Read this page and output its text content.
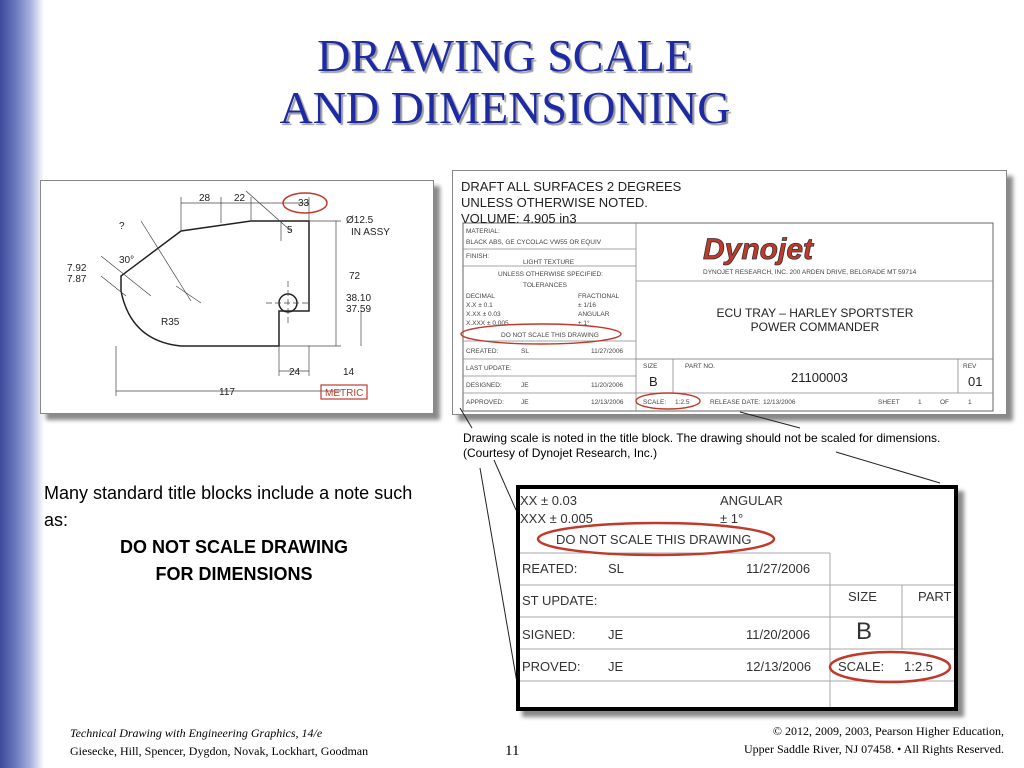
DRAWING SCALE
AND DIMENSIONING
28 22	33
5
Ø12.5
IN ASSY
?
30°
7.92
7.87	72
38.10
37.59
R35
24	14
117	METRIC
DRAFT ALL SURFACES 2 DEGREES
UNLESS OTHERWISE NOTED.
VOLUME: 4.905 in3
MATERIAL:
BLACK ABS, GE CYCOLAC VW55 OR EQUIV
FINISH:
LIGHT TEXTURE
UNLESS OTHERWISE SPECIFIED:
TOLERANCES
DECIMAL	FRACTIONAL
X.X ± 0.1	± 1/16
X.XX ± 0.03	ANGULAR
X.XXX ± 0.005	± 1°
DO NOT SCALE THIS DRAWING
CREATED:	SL	11/27/2006
LAST UPDATE:
DESIGNED:	JE	11/20/2006
APPROVED:	JE	12/13/2006	SCALE: 1:2.5	RELEASE DATE: 12/13/2006	SHEET	1	OF	1
SIZE	PART NO.	REV
DYNOJET RESEARCH, INC. 200 ARDEN DRIVE, BELGRADE MT 59714
Dynojet
ECU TRAY – HARLEY SPORTSTER
POWER COMMANDER
B	21100003	01
Drawing scale is noted in the title block. The drawing should not be scaled for dimensions. (Courtesy of Dynojet Research, Inc.)
XX ± 0.03	ANGULAR
XXX ± 0.005	± 1°
DO NOT SCALE THIS DRAWING
REATED: SL	11/27/2006
ST UPDATE:	SIZE	PART
SIGNED:	JE	11/20/2006
PROVED: JE	12/13/2006 SCALE: 1:2.5
B
Many standard title blocks include a note such as:
DO NOT SCALE DRAWING
FOR DIMENSIONS
Technical Drawing with Engineering Graphics, 14/e
Giesecke, Hill, Spencer, Dygdon, Novak, Lockhart, Goodman	11
© 2012, 2009, 2003, Pearson Higher Education,
Upper Saddle River, NJ 07458. • All Rights Reserved.
